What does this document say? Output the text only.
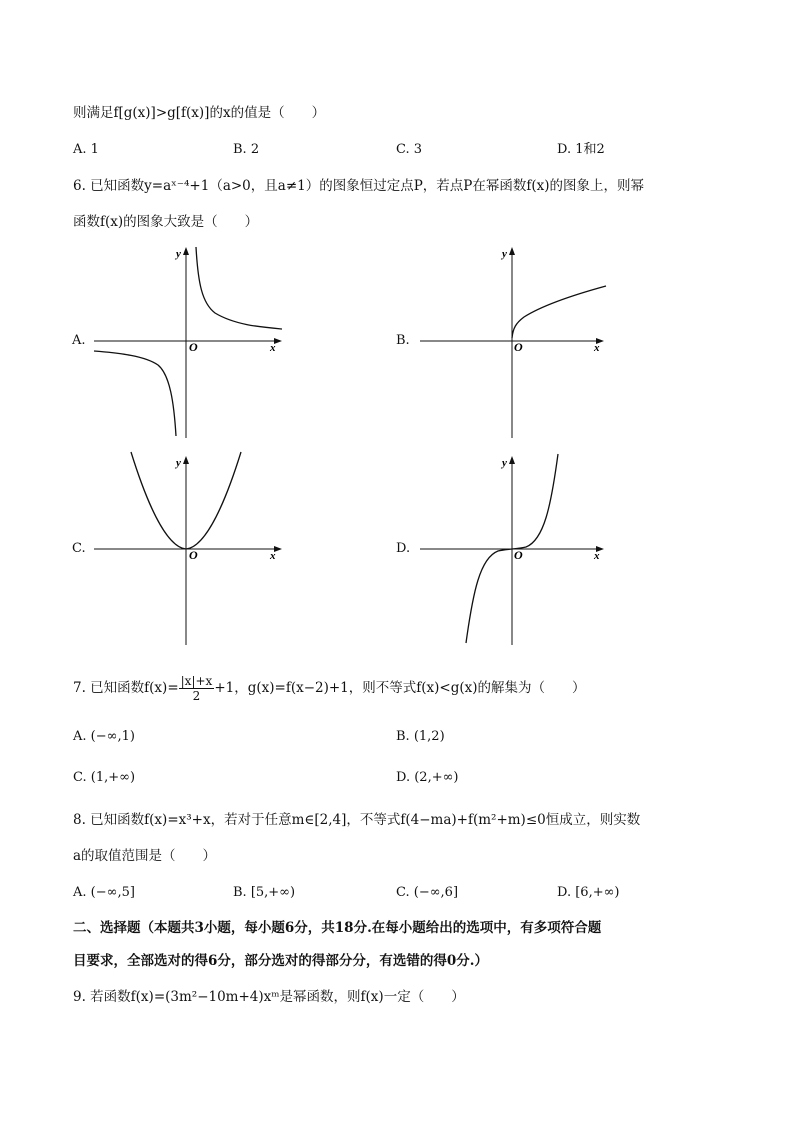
则满足f[g(x)]>g[f(x)]的x的值是（　　）
A. 1	B. 2	C. 3	D. 1和2
6. 已知函数y=aˣ⁻⁴+1（a>0，且a≠1）的图象恒过定点P，若点P在幂函数f(x)的图象上，则幂
函数f(x)的图象大致是（　　）
A.
y
x
O	B.
y
x
O
C.
y
x
O	D.
y
x
O
7. 已知函数$f(x)= \frac{|x|+x}{2} +1$，g(x)=f(x−2)+1，则不等式f(x)<g(x)的解集为（　　）
A. (−∞,1)	B. (1,2)
C. (1,+∞)	D. (2,+∞)
8. 已知函数f(x)=x³+x，若对于任意m∈[2,4]，不等式f(4−ma)+f(m²+m)≤0恒成立，则实数
a的取值范围是（　　）
A. (−∞,5]	B. [5,+∞)	C. (−∞,6]	D. [6,+∞)
二、选择题（本题共3小题，每小题6分，共18分.在每小题给出的选项中，有多项符合题
目要求，全部选对的得6分，部分选对的得部分分，有选错的得0分.）
9. 若函数f(x)=(3m²−10m+4)xᵐ是幂函数，则f(x)一定（　　）
